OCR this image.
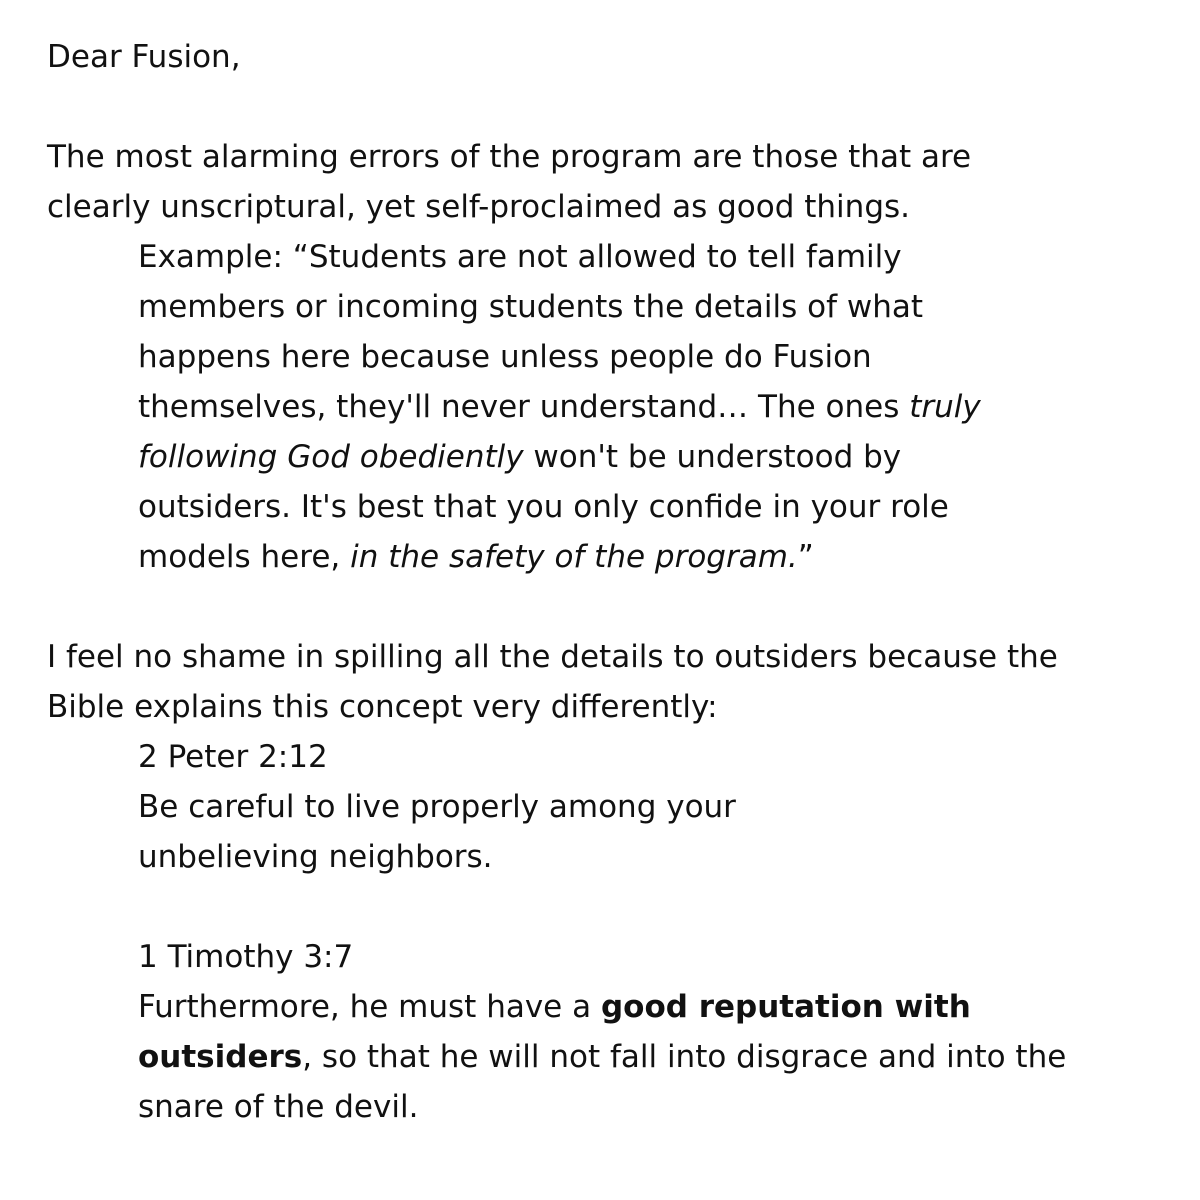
Dear Fusion,

The most alarming errors of the program are those that are
clearly unscriptural, yet self-proclaimed as good things.

Example: “Students are not allowed to tell family
members or incoming students the details of what
happens here because unless people do Fusion
themselves, they'll never understand… The ones truly
following God obediently won't be understood by
outsiders. It's best that you only confide in your role
models here, in the safety of the program.”

I feel no shame in spilling all the details to outsiders because the
Bible explains this concept very differently:

2 Peter 2:12
Be careful to live properly among your
unbelieving neighbors.
1 Timothy 3:7
Furthermore, he must have a good reputation with
outsiders, so that he will not fall into disgrace and into the
snare of the devil.
